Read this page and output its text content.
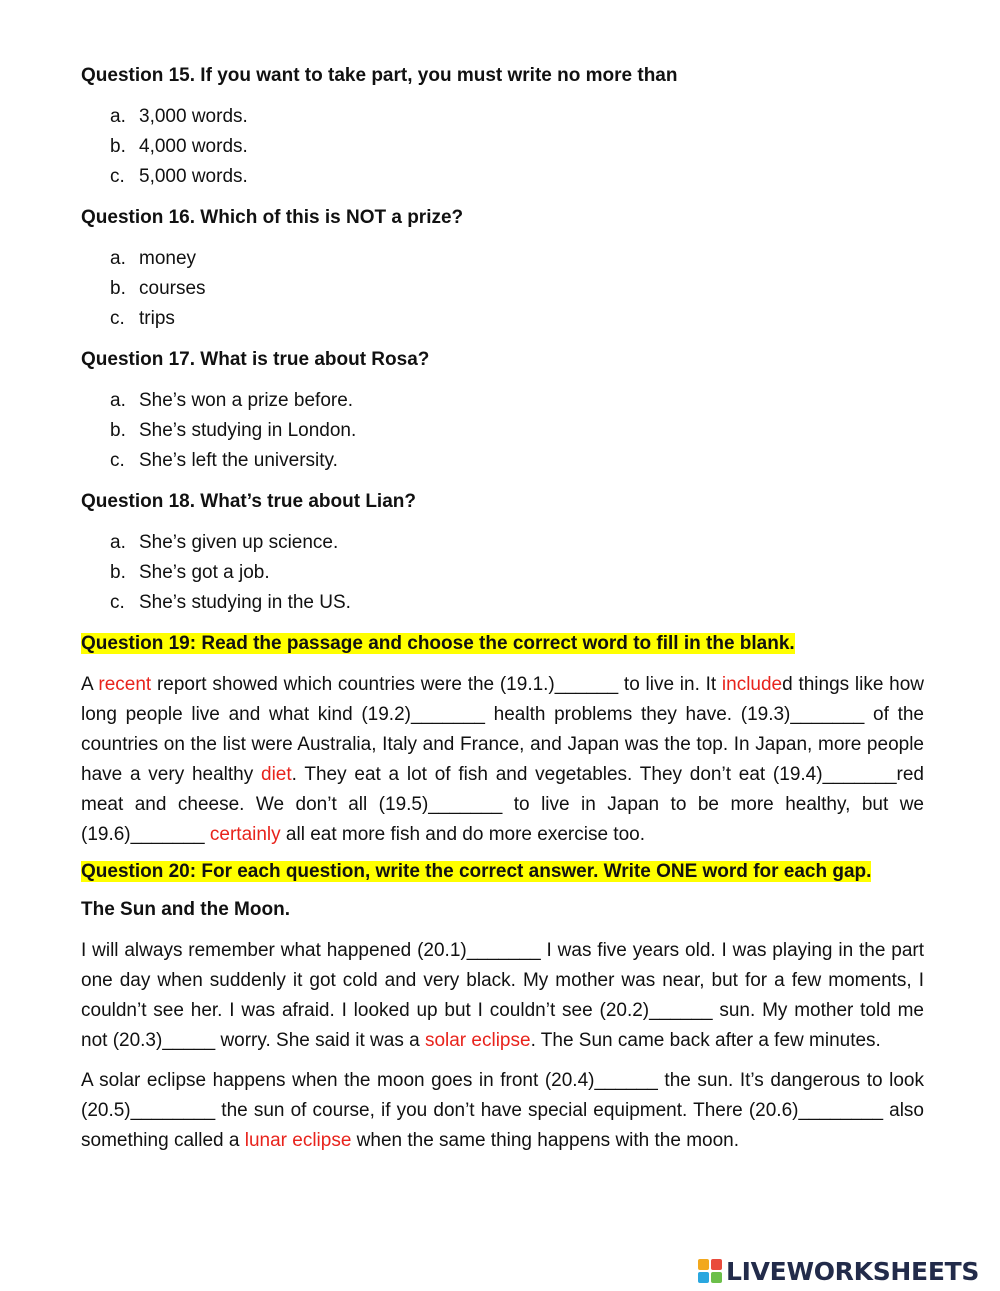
Question 15. If you want to take part, you must write no more than

a. 3,000 words.
b. 4,000 words.
c. 5,000 words.

Question 16. Which of this is NOT a prize?

a. money
b. courses
c. trips

Question 17. What is true about Rosa?

a. She’s won a prize before.
b. She’s studying in London.
c. She’s left the university.

Question 18. What’s true about Lian?

a. She’s given up science.
b. She’s got a job.
c. She’s studying in the US.

Question 19: Read the passage and choose the correct word to fill in the blank.

A recent report showed which countries were the (19.1.)______ to live in. It included things like how long people live and what kind (19.2)_______ health problems they have. (19.3)_______ of the countries on the list were Australia, Italy and France, and Japan was the top. In Japan, more people have a very healthy diet. They eat a lot of fish and vegetables. They don’t eat (19.4)_______red meat and cheese. We don’t all (19.5)_______ to live in Japan to be more healthy, but we (19.6)_______ certainly all eat more fish and do more exercise too.

Question 20: For each question, write the correct answer. Write ONE word for each gap.

The Sun and the Moon.

I will always remember what happened (20.1)_______ I was five years old. I was playing in the part one day when suddenly it got cold and very black. My mother was near, but for a few moments, I couldn’t see her. I was afraid. I looked up but I couldn’t see (20.2)______ sun. My mother told me not (20.3)_____ worry. She said it was a solar eclipse. The Sun came back after a few minutes.

A solar eclipse happens when the moon goes in front (20.4)______ the sun. It’s dangerous to look (20.5)________ the sun of course, if you don’t have special equipment. There (20.6)________ also something called a lunar eclipse when the same thing happens with the moon.

LIVEWORKSHEETS
